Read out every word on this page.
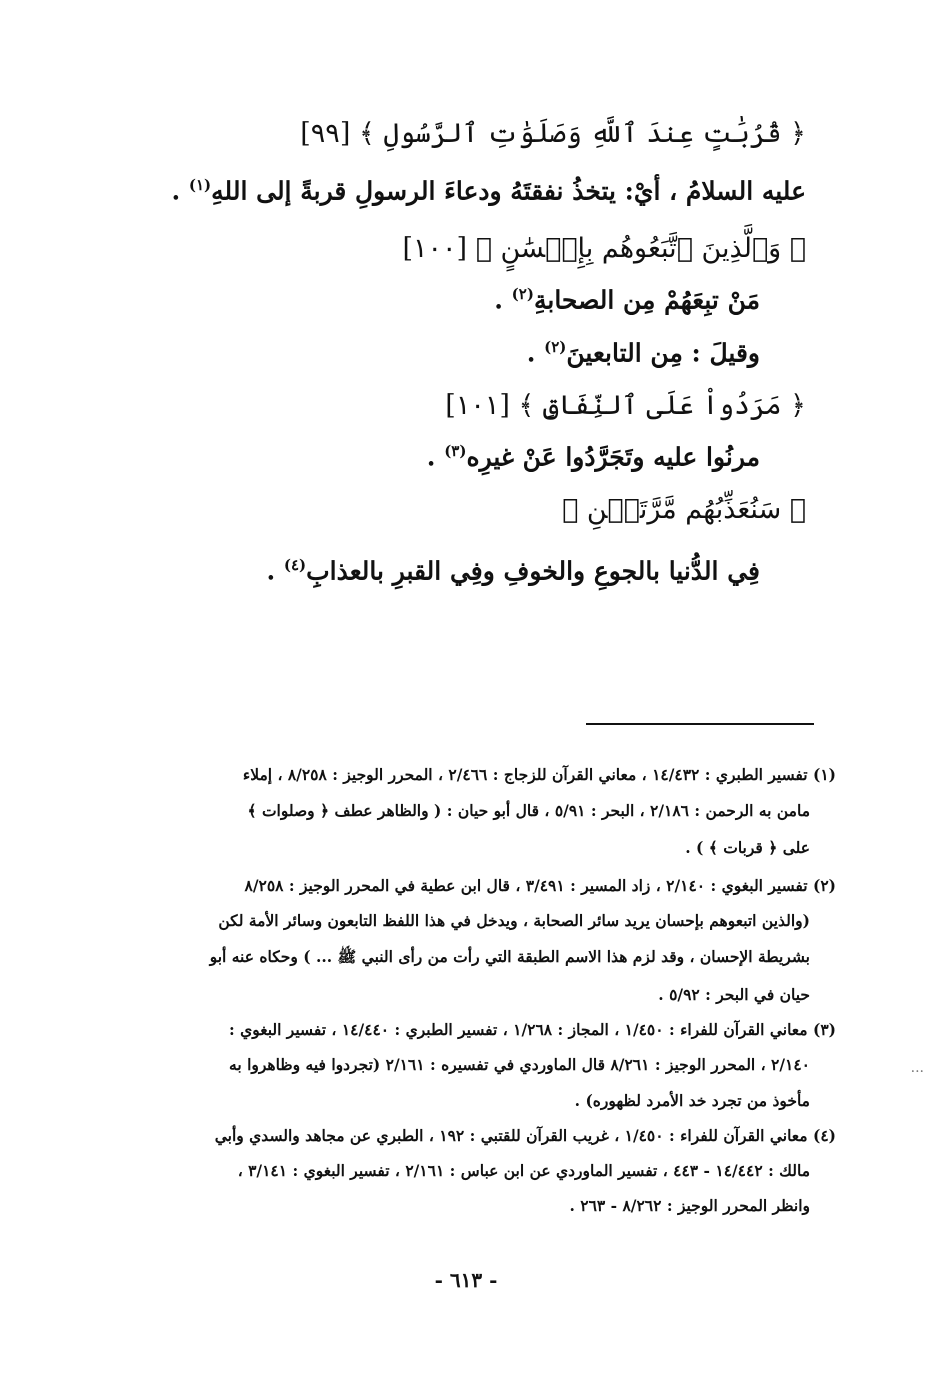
﴿ قُرُبَٰتٍ عِندَ ٱللَّهِ وَصَلَوَٰتِ ٱلرَّسُولِ ﴾ [٩٩]
عليه السلامُ ، أيْ: يتخذُ نفقتَهُ ودعاءَ الرسولِ قربةً إلى اللهِ$^{(١)}$ .
﴿ وَٱلَّذِينَ ٱتَّبَعُوهُم بِإِحۡسَٰنٍ ﴾ [١٠٠]
مَنْ تبِعَهُمْ مِن الصحابةِ$^{(٢)}$ .
وقيلَ : مِن التابعينَ$^{(٢)}$ .
﴿ مَرَدُواْ عَلَى ٱلنِّفَاقِ ﴾ [١٠١]
مرنُوا عليه وتَجَرَّدُوا عَنْ غيرِه$^{(٣)}$ .
﴿ سَنُعَذِّبُهُم مَّرَّتَيۡنِ ﴾
فِي الدُّنيا بالجوعِ والخوفِ وفِي القبرِ بالعذابِ$^{(٤)}$ .
(١) تفسير الطبري : ١٤/٤٣٢ ، معاني القرآن للزجاج : ٢/٤٦٦ ، المحرر الوجيز : ٨/٢٥٨ ، إملاء
مامن به الرحمن : ٢/١٨٦ ، البحر : ٥/٩١ ، قال أبو حيان : ( والظاهر عطف ﴿ وصلوات ﴾
على ﴿ قربات ﴾ ) .
(٢) تفسير البغوي : ٢/١٤٠ ، زاد المسير : ٣/٤٩١ ، قال ابن عطية في المحرر الوجيز : ٨/٢٥٨
(والذين اتبعوهم بإحسان يريد سائر الصحابة ، ويدخل في هذا اللفظ التابعون وسائر الأمة لكن
بشريطة الإحسان ، وقد لزم هذا الاسم الطبقة التي رأت من رأى النبي ﷺ ... ) وحكاه عنه أبو
حيان في البحر : ٥/٩٢ .
(٣) معاني القرآن للفراء : ١/٤٥٠ ، المجاز : ١/٢٦٨ ، تفسير الطبري : ١٤/٤٤٠ ، تفسير البغوي :
٢/١٤٠ ، المحرر الوجيز : ٨/٢٦١ قال الماوردي في تفسيره : ٢/١٦١ (تجردوا فيه وظاهروا به
مأخوذ من تجرد خد الأمرد لظهوره) .
(٤) معاني القرآن للفراء : ١/٤٥٠ ، غريب القرآن للقتبي : ١٩٢ ، الطبري عن مجاهد والسدي وأبي
مالك : ١٤/٤٤٢ - ٤٤٣ ، تفسير الماوردي عن ابن عباس : ٢/١٦١ ، تفسير البغوي : ٣/١٤١ ،
وانظر المحرر الوجيز : ٨/٢٦٢ - ٢٦٣ .
- ٦١٣ -
...
